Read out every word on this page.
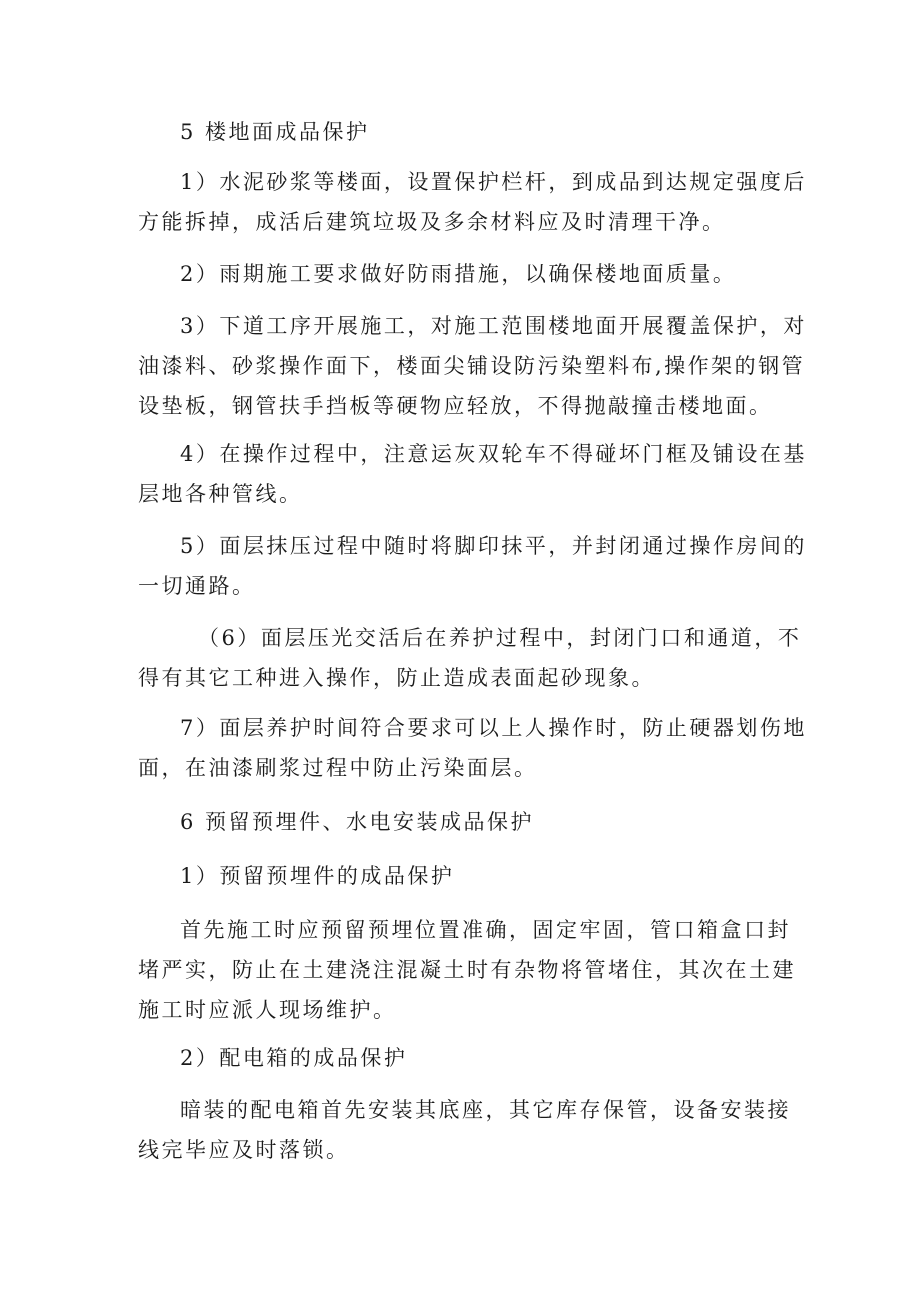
5 楼地面成品保护

1）水泥砂浆等楼面，设置保护栏杆，到成品到达规定强度后
方能拆掉，成活后建筑垃圾及多余材料应及时清理干净。

2）雨期施工要求做好防雨措施，以确保楼地面质量。

3）下道工序开展施工，对施工范围楼地面开展覆盖保护，对
油漆料、砂浆操作面下，楼面尖铺设防污染塑料布,操作架的钢管
设垫板，钢管扶手挡板等硬物应轻放，不得抛敲撞击楼地面。

4）在操作过程中，注意运灰双轮车不得碰坏门框及铺设在基
层地各种管线。

5）面层抹压过程中随时将脚印抹平，并封闭通过操作房间的
一切通路。

（6）面层压光交活后在养护过程中，封闭门口和通道，不
得有其它工种进入操作，防止造成表面起砂现象。

7）面层养护时间符合要求可以上人操作时，防止硬器划伤地
面，在油漆刷浆过程中防止污染面层。

6 预留预埋件、水电安装成品保护

1）预留预埋件的成品保护

首先施工时应预留预埋位置准确，固定牢固，管口箱盒口封
堵严实，防止在土建浇注混凝土时有杂物将管堵住，其次在土建
施工时应派人现场维护。

2）配电箱的成品保护

暗装的配电箱首先安装其底座，其它库存保管，设备安装接
线完毕应及时落锁。
